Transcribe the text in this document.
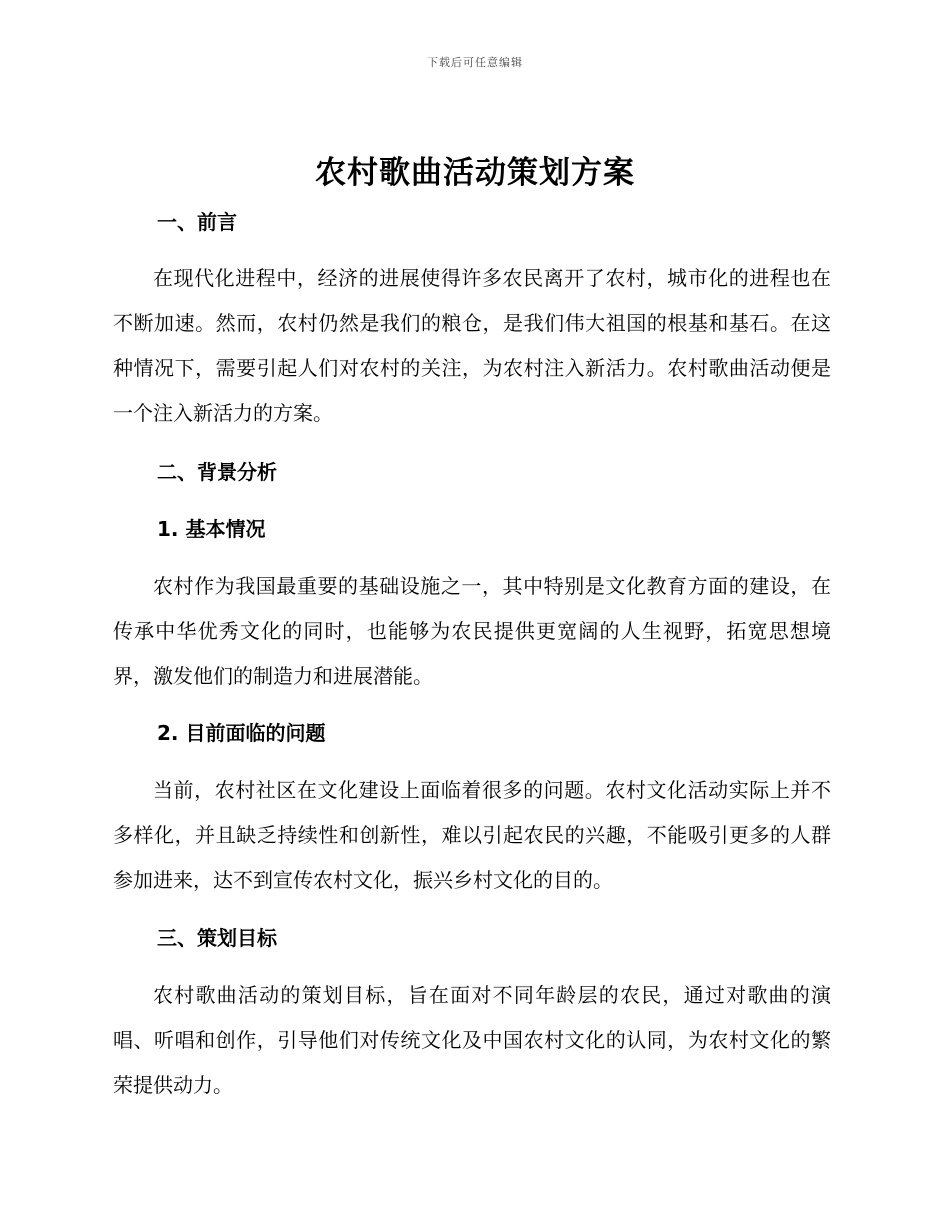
下载后可任意编辑
农村歌曲活动策划方案
一、前言

在现代化进程中，经济的进展使得许多农民离开了农村，城市化的进程也在不断加速。然而，农村仍然是我们的粮仓，是我们伟大祖国的根基和基石。在这种情况下，需要引起人们对农村的关注，为农村注入新活力。农村歌曲活动便是一个注入新活力的方案。

二、背景分析
1. 基本情况

农村作为我国最重要的基础设施之一，其中特别是文化教育方面的建设，在传承中华优秀文化的同时，也能够为农民提供更宽阔的人生视野，拓宽思想境界，激发他们的制造力和进展潜能。

2. 目前面临的问题

当前，农村社区在文化建设上面临着很多的问题。农村文化活动实际上并不多样化，并且缺乏持续性和创新性，难以引起农民的兴趣，不能吸引更多的人群参加进来，达不到宣传农村文化，振兴乡村文化的目的。

三、策划目标

农村歌曲活动的策划目标，旨在面对不同年龄层的农民，通过对歌曲的演唱、听唱和创作，引导他们对传统文化及中国农村文化的认同，为农村文化的繁荣提供动力。
